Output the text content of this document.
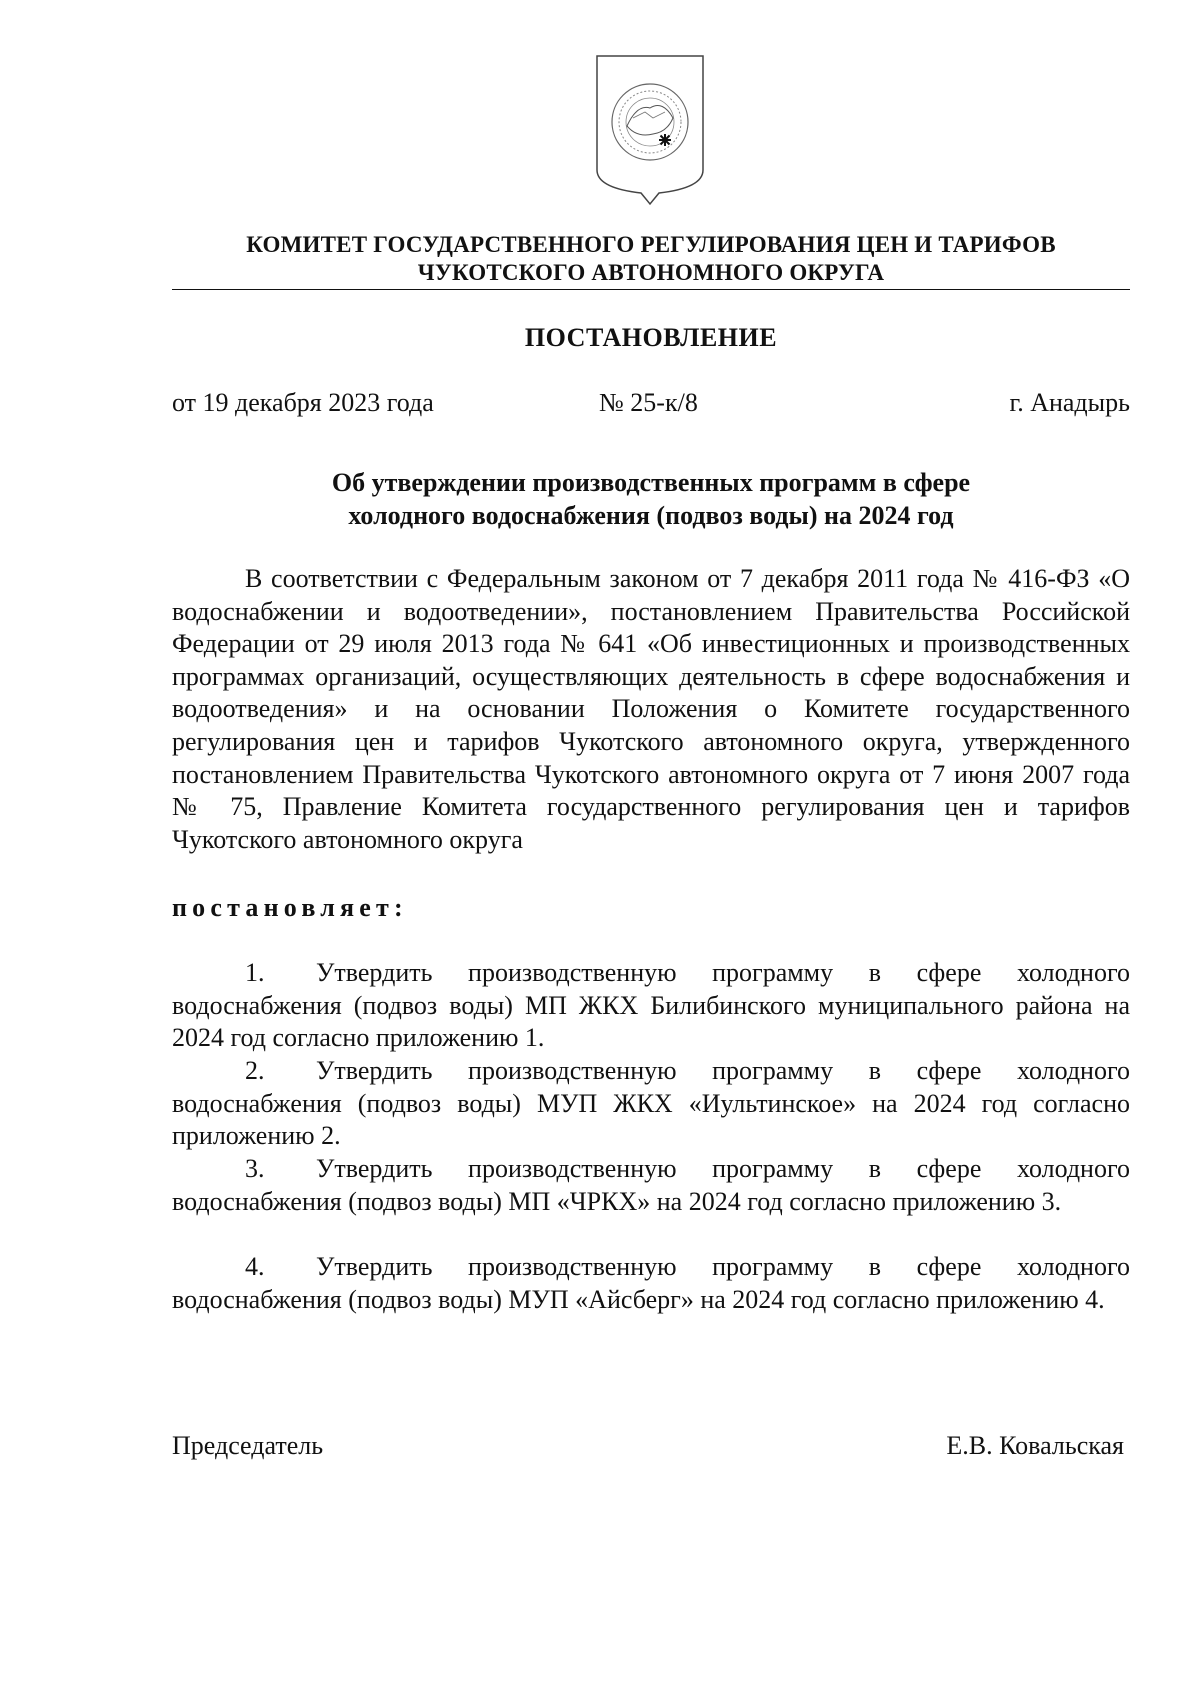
КОМИТЕТ ГОСУДАРСТВЕННОГО РЕГУЛИРОВАНИЯ ЦЕН И ТАРИФОВ
ЧУКОТСКОГО АВТОНОМНОГО ОКРУГА
ПОСТАНОВЛЕНИЕ
от 19 декабря 2023 года	№ 25-к/8	г. Анадырь
Об утверждении производственных программ в сфере
холодного водоснабжения (подвоз воды) на 2024 год
В соответствии с Федеральным законом от 7 декабря 2011 года № 416-ФЗ «О водоснабжении и водоотведении», постановлением Правительства Российской Федерации от 29 июля 2013 года № 641 «Об инвестиционных и производственных программах организаций, осуществляющих деятельность в сфере водоснабжения и водоотведения» и на основании Положения о Комитете государственного регулирования цен и тарифов Чукотского автономного округа, утвержденного постановлением Правительства Чукотского автономного округа от 7 июня 2007 года № 75, Правление Комитета государственного регулирования цен и тарифов Чукотского автономного округа
постановляет:
1. Утвердить производственную программу в сфере холодного водоснабжения (подвоз воды) МП ЖКХ Билибинского муниципального района на 2024 год согласно приложению 1.
2. Утвердить производственную программу в сфере холодного водоснабжения (подвоз воды) МУП ЖКХ «Иультинское» на 2024 год согласно приложению 2.
3. Утвердить производственную программу в сфере холодного водоснабжения (подвоз воды) МП «ЧРКХ» на 2024 год согласно приложению 3.
4. Утвердить производственную программу в сфере холодного водоснабжения (подвоз воды) МУП «Айсберг» на 2024 год согласно приложению 4.
Председатель	Е.В. Ковальская
